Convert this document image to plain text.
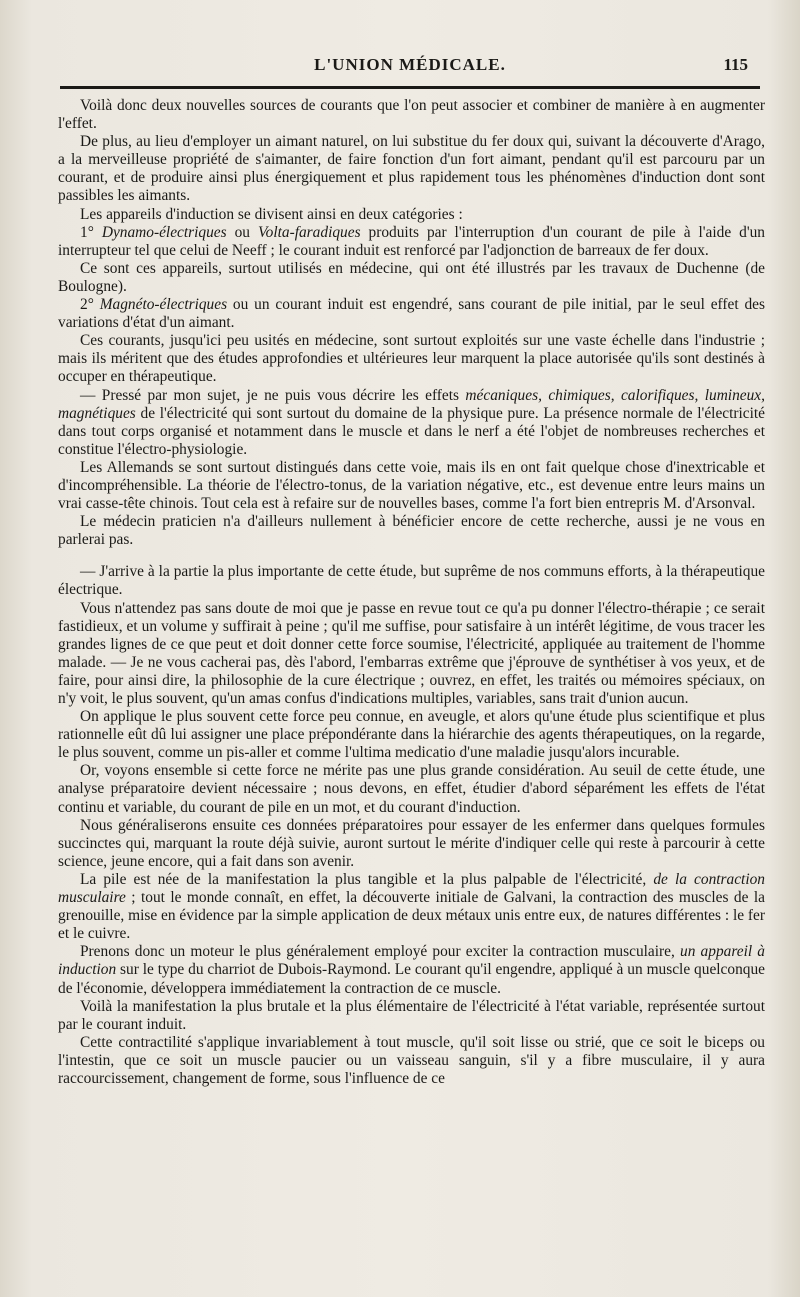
L'UNION MÉDICALE.	115

Voilà donc deux nouvelles sources de courants que l'on peut associer et combiner de manière à en augmenter l'effet.

De plus, au lieu d'employer un aimant naturel, on lui substitue du fer doux qui, suivant la découverte d'Arago, a la merveilleuse propriété de s'aimanter, de faire fonction d'un fort aimant, pendant qu'il est parcouru par un courant, et de produire ainsi plus énergiquement et plus rapidement tous les phénomènes d'induction dont sont passibles les aimants.

Les appareils d'induction se divisent ainsi en deux catégories :

1° Dynamo-électriques ou Volta-faradiques produits par l'interruption d'un courant de pile à l'aide d'un interrupteur tel que celui de Neeff ; le courant induit est renforcé par l'adjonction de barreaux de fer doux.

Ce sont ces appareils, surtout utilisés en médecine, qui ont été illustrés par les travaux de Duchenne (de Boulogne).

2° Magnéto-électriques ou un courant induit est engendré, sans courant de pile initial, par le seul effet des variations d'état d'un aimant.

Ces courants, jusqu'ici peu usités en médecine, sont surtout exploités sur une vaste échelle dans l'industrie ; mais ils méritent que des études approfondies et ultérieures leur marquent la place autorisée qu'ils sont destinés à occuper en thérapeutique.

— Pressé par mon sujet, je ne puis vous décrire les effets mécaniques, chimiques, calorifiques, lumineux, magnétiques de l'électricité qui sont surtout du domaine de la physique pure. La présence normale de l'électricité dans tout corps organisé et notamment dans le muscle et dans le nerf a été l'objet de nombreuses recherches et constitue l'électro-physiologie.

Les Allemands se sont surtout distingués dans cette voie, mais ils en ont fait quelque chose d'inextricable et d'incompréhensible. La théorie de l'électro-tonus, de la variation négative, etc., est devenue entre leurs mains un vrai casse-tête chinois. Tout cela est à refaire sur de nouvelles bases, comme l'a fort bien entrepris M. d'Arsonval.

Le médecin praticien n'a d'ailleurs nullement à bénéficier encore de cette recherche, aussi je ne vous en parlerai pas.

— J'arrive à la partie la plus importante de cette étude, but suprême de nos communs efforts, à la thérapeutique électrique.

Vous n'attendez pas sans doute de moi que je passe en revue tout ce qu'a pu donner l'électro-thérapie ; ce serait fastidieux, et un volume y suffirait à peine ; qu'il me suffise, pour satisfaire à un intérêt légitime, de vous tracer les grandes lignes de ce que peut et doit donner cette force soumise, l'électricité, appliquée au traitement de l'homme malade. — Je ne vous cacherai pas, dès l'abord, l'embarras extrême que j'éprouve de synthétiser à vos yeux, et de faire, pour ainsi dire, la philosophie de la cure électrique ; ouvrez, en effet, les traités ou mémoires spéciaux, on n'y voit, le plus souvent, qu'un amas confus d'indications multiples, variables, sans trait d'union aucun.

On applique le plus souvent cette force peu connue, en aveugle, et alors qu'une étude plus scientifique et plus rationnelle eût dû lui assigner une place prépondérante dans la hiérarchie des agents thérapeutiques, on la regarde, le plus souvent, comme un pis-aller et comme l'ultima medicatio d'une maladie jusqu'alors incurable.

Or, voyons ensemble si cette force ne mérite pas une plus grande considération. Au seuil de cette étude, une analyse préparatoire devient nécessaire ; nous devons, en effet, étudier d'abord séparément les effets de l'état continu et variable, du courant de pile en un mot, et du courant d'induction.

Nous généraliserons ensuite ces données préparatoires pour essayer de les enfermer dans quelques formules succinctes qui, marquant la route déjà suivie, auront surtout le mérite d'indiquer celle qui reste à parcourir à cette science, jeune encore, qui a fait dans son avenir.

La pile est née de la manifestation la plus tangible et la plus palpable de l'électricité, de la contraction musculaire ; tout le monde connaît, en effet, la découverte initiale de Galvani, la contraction des muscles de la grenouille, mise en évidence par la simple application de deux métaux unis entre eux, de natures différentes : le fer et le cuivre.

Prenons donc un moteur le plus généralement employé pour exciter la contraction musculaire, un appareil à induction sur le type du charriot de Dubois-Raymond. Le courant qu'il engendre, appliqué à un muscle quelconque de l'économie, développera immédiatement la contraction de ce muscle.

Voilà la manifestation la plus brutale et la plus élémentaire de l'électricité à l'état variable, représentée surtout par le courant induit.

Cette contractilité s'applique invariablement à tout muscle, qu'il soit lisse ou strié, que ce soit le biceps ou l'intestin, que ce soit un muscle paucier ou un vaisseau sanguin, s'il y a fibre musculaire, il y aura raccourcissement, changement de forme, sous l'influence de ce
